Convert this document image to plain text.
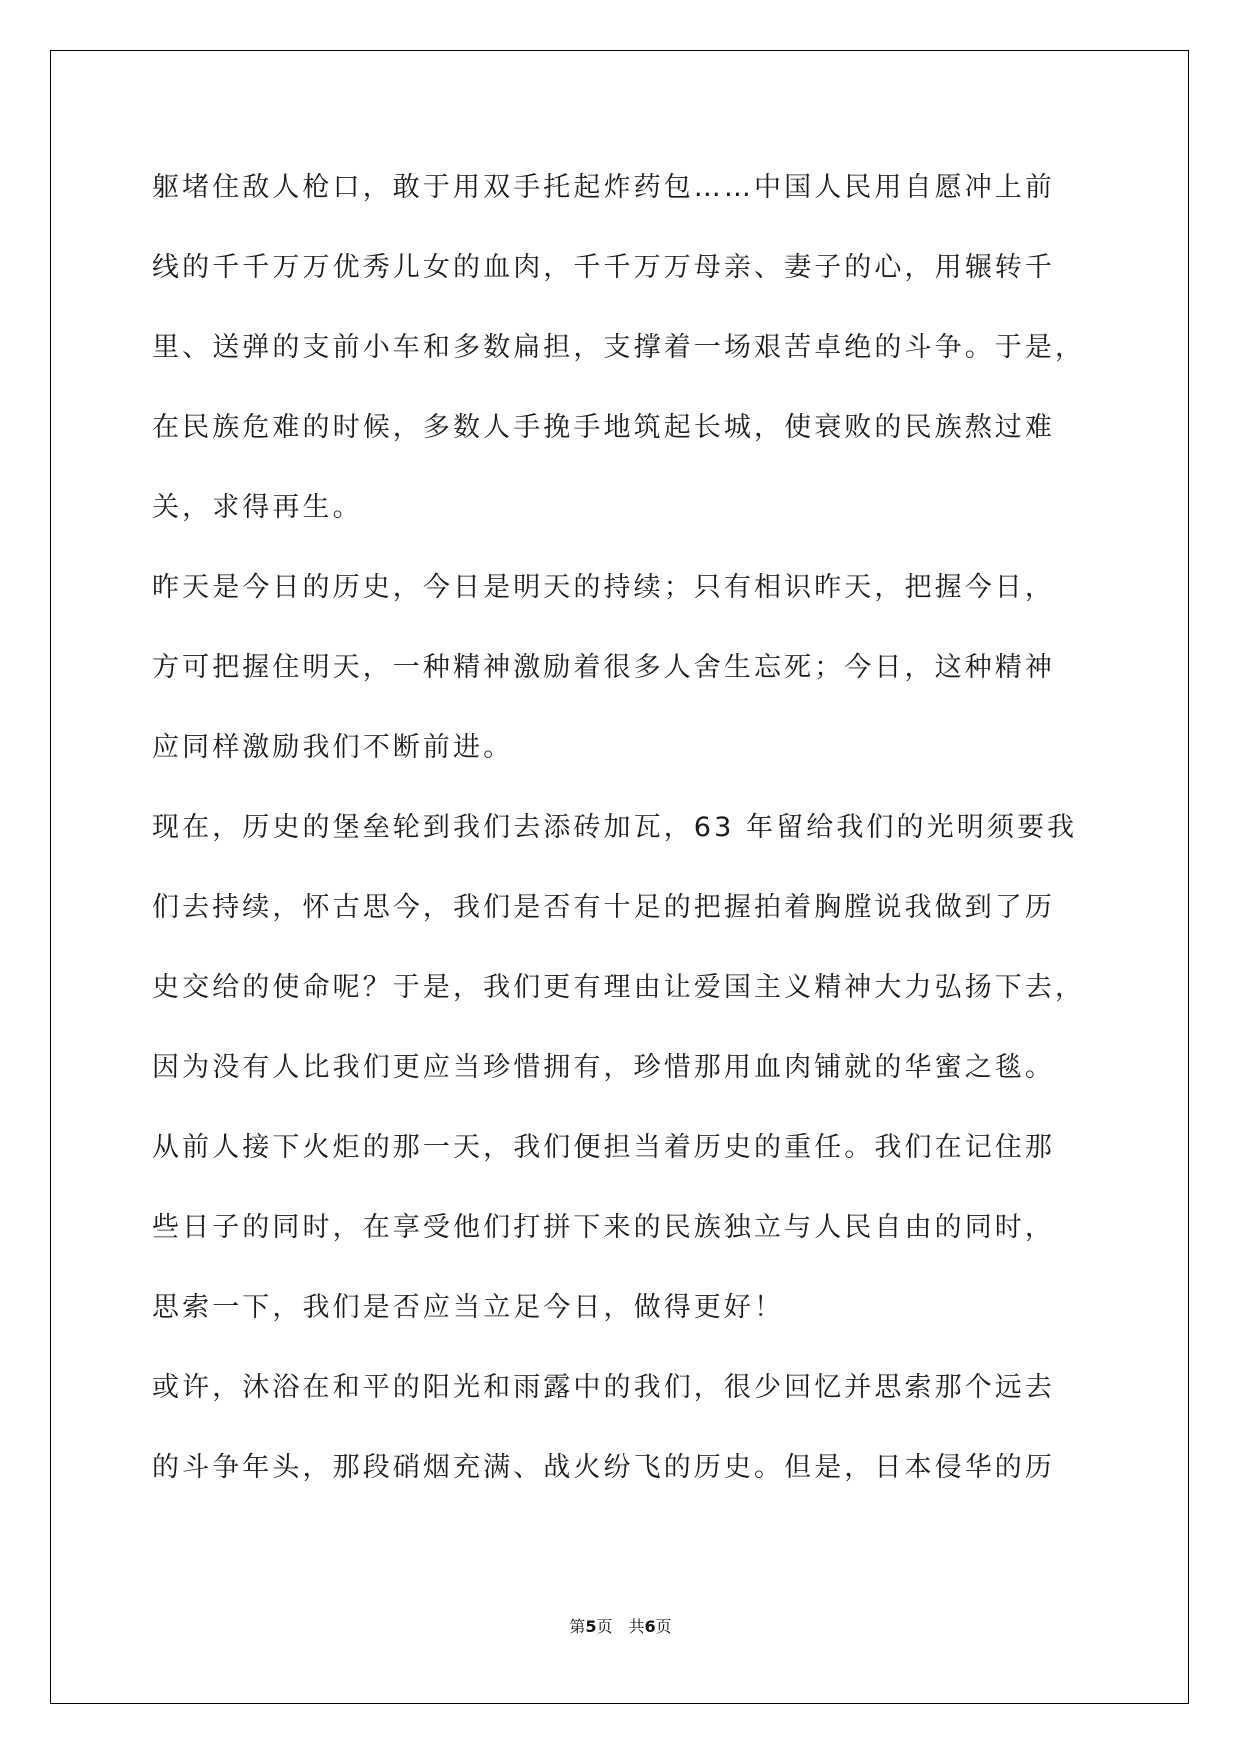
躯堵住敌人枪口，敢于用双手托起炸药包……中国人民用自愿冲上前
线的千千万万优秀儿女的血肉，千千万万母亲、妻子的心，用辗转千
里、送弹的支前小车和多数扁担，支撑着一场艰苦卓绝的斗争。于是，
在民族危难的时候，多数人手挽手地筑起长城，使衰败的民族熬过难
关，求得再生。
昨天是今日的历史，今日是明天的持续；只有相识昨天，把握今日，
方可把握住明天，一种精神激励着很多人舍生忘死；今日，这种精神
应同样激励我们不断前进。
现在，历史的堡垒轮到我们去添砖加瓦，63 年留给我们的光明须要我
们去持续，怀古思今，我们是否有十足的把握拍着胸膛说我做到了历
史交给的使命呢？于是，我们更有理由让爱国主义精神大力弘扬下去，
因为没有人比我们更应当珍惜拥有，珍惜那用血肉铺就的华蜜之毯。
从前人接下火炬的那一天，我们便担当着历史的重任。我们在记住那
些日子的同时，在享受他们打拼下来的民族独立与人民自由的同时，
思索一下，我们是否应当立足今日，做得更好！
或许，沐浴在和平的阳光和雨露中的我们，很少回忆并思索那个远去
的斗争年头，那段硝烟充满、战火纷飞的历史。但是，日本侵华的历
第5页　共6页
